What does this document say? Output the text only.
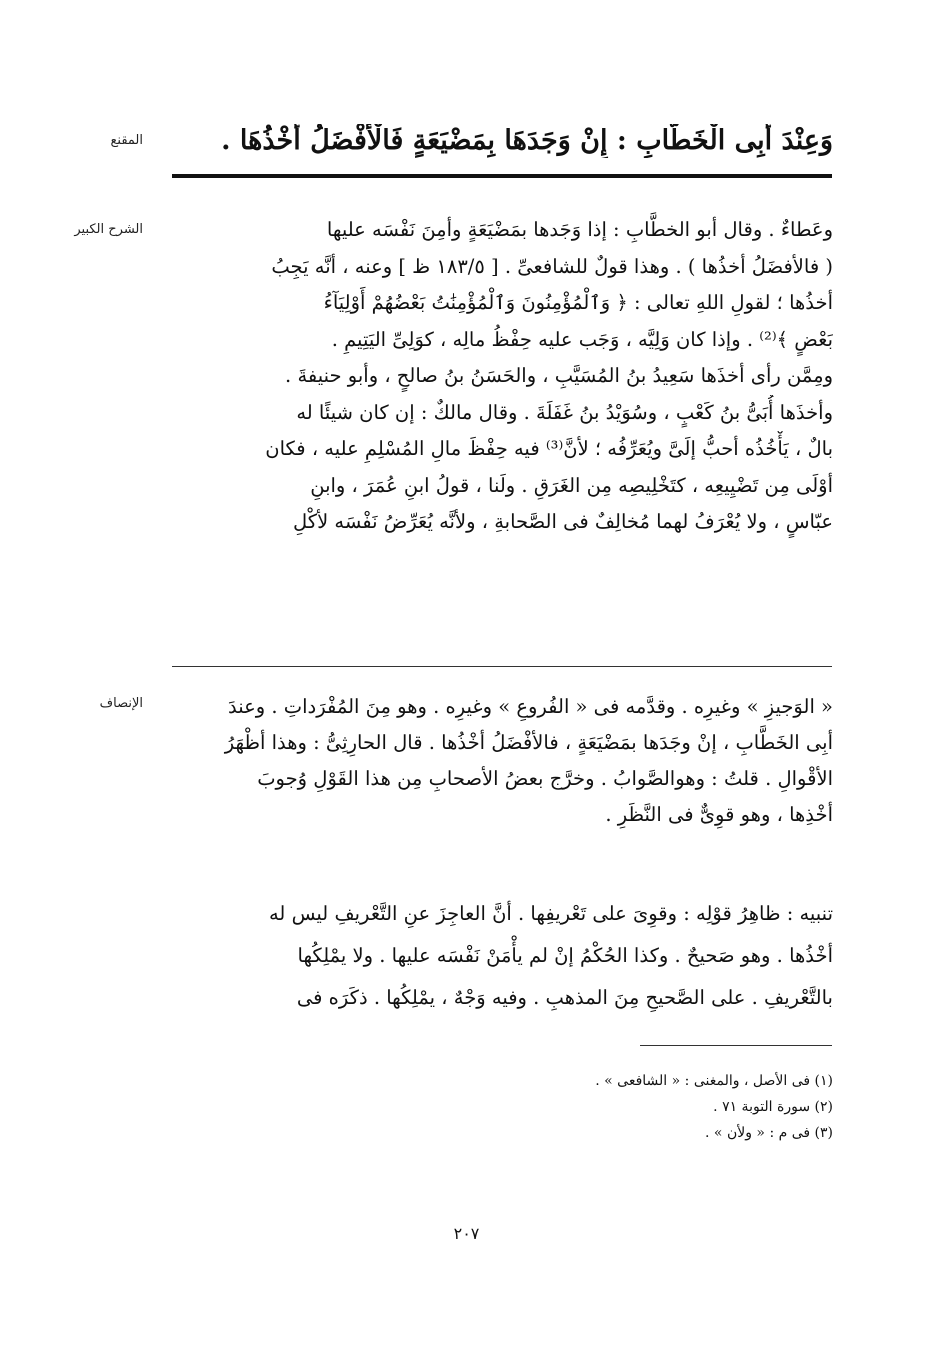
المقنع
الشرح الكبير
الإنصاف
وَعِنْدَ أَبِى الْخَطَّابِ : إِنْ وَجَدَهَا بِمَضْيَعَةٍ فَالْأَفْضَلُ أَخْذُهَا .
وعَطاءٌ . وقال أبو الخطَّابِ : إذا وَجَدها بمَضْيَعَةٍ وأمِنَ نَفْسَه عليها
( فالأفضَلُ أخذُها ) . وهذا قولٌ للشافعىِّ . [ ١٨٣/٥ ظ ] وعنه ، أنَّه يَجِبُ
أخذُها ؛ لقولِ اللهِ تعالى : ﴿ وَٱلْمُؤْمِنُونَ وَٱلْمُؤْمِنَٰتُ بَعْضُهُمْ أَوْلِيَآءُ
بَعْضٍ ﴾⁽²⁾ . وإذا كان وَلِيَّه ، وَجَب عليه حِفْظُ مالِه ، كوَلِىِّ اليَتِيمِ .
ومِمَّن رأى أخذَها سَعِيدُ بنُ المُسَيَّبِ ، والحَسَنُ بنُ صالحٍ ، وأبو حنيفةَ .
وأخذَها أُبَىُّ بنُ كَعْبٍ ، وسُوَيْدُ بنُ غَفَلَةَ . وقال مالكٌ : إن كان شيئًا له
بالٌ ، يَأْخُذُه أحبُّ إلَىَّ ويُعَرِّفُه ؛ لأنَّ⁽³⁾ فيه حِفْظَ مالِ المُسْلِمِ عليه ، فكان
أوْلَى مِن تَضْيِيعِه ، كتَخْلِيصِه مِن الغَرَقِ . ولَنا ، قولُ ابنِ عُمَرَ ، وابنِ
عبّاسٍ ، ولا يُعْرَفُ لهما مُخالِفٌ فى الصَّحابةِ ، ولأنَّه يُعَرِّضُ نَفْسَه لأكْلِ
« الوَجيزِ » وغيرِه . وقدَّمه فى « الفُروعِ » وغيرِه . وهو مِنَ المُفْرَداتِ . وعندَ
أبِى الخَطَّابِ ، إنْ وجَدَها بمَضْيَعَةٍ ، فالأفْضَلُ أخْذُها . قال الحارِثِىُّ : وهذا أظْهَرُ
الأقْوالِ . قلتُ : وهوالصَّوابُ . وخرَّج بعضُ الأصحابِ مِن هذا القَوْلِ وُجوبَ
أخْذِها ، وهو قوِىٌّ فى النَّظَرِ .
تنبيه : ظاهِرُ قوْلِه : وقوِىَ على تَعْريفِها . أنَّ العاجِزَ عنِ التَّعْريفِ ليس له
أخْذُها . وهو صَحيحٌ . وكذا الحُكْمُ إنْ لم يأْمَنْ نَفْسَه عليها . ولا يمْلِكُها
بالتَّعْريفِ . على الصَّحيحِ مِنَ المذهبِ . وفيه وَجْهٌ ، يمْلِكُها . ذكَرَه فى
(١) فى الأصل ، والمغنى : « الشافعى » .
(٢) سورة التوبة ٧١ .
(٣) فى م : « ولأن » .
٢٠٧
